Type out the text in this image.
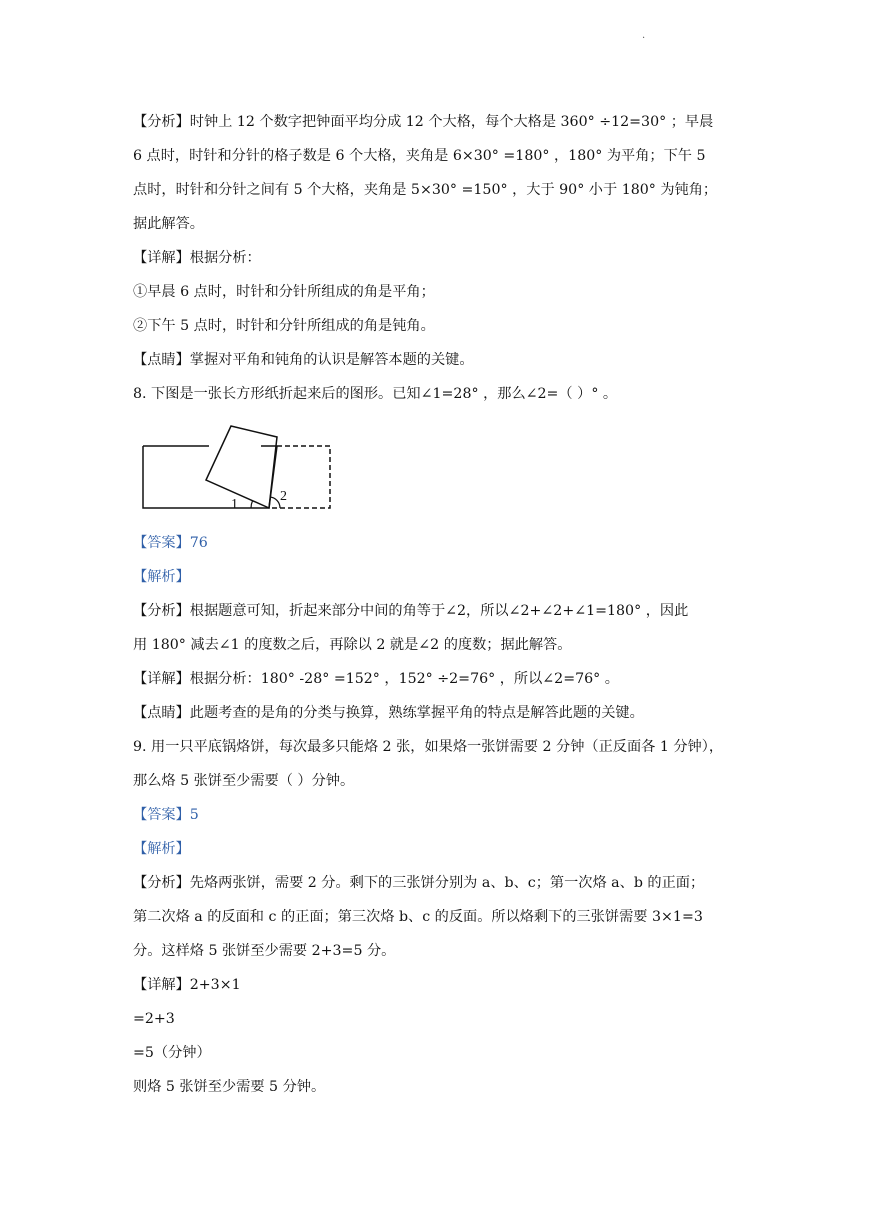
.
【分析】时钟上 12 个数字把钟面平均分成 12 个大格，每个大格是 360° ÷12=30° ；早晨
6 点时，时针和分针的格子数是 6 个大格，夹角是 6×30° =180° ，180° 为平角；下午 5
点时，时针和分针之间有 5 个大格，夹角是 5×30° =150° ，大于 90° 小于 180° 为钝角；
据此解答。
【详解】根据分析：
①早晨 6 点时，时针和分针所组成的角是平角；
②下午 5 点时，时针和分针所组成的角是钝角。
【点睛】掌握对平角和钝角的认识是解答本题的关键。
8. 下图是一张长方形纸折起来后的图形。已知∠1=28° ，那么∠2=（ ）° 。
1
2
【答案】76
【解析】
【分析】根据题意可知，折起来部分中间的角等于∠2，所以∠2+∠2+∠1=180° ，因此
用 180° 减去∠1 的度数之后，再除以 2 就是∠2 的度数；据此解答。
【详解】根据分析：180° -28° =152° ，152° ÷2=76° ，所以∠2=76° 。
【点睛】此题考查的是角的分类与换算，熟练掌握平角的特点是解答此题的关键。
9. 用一只平底锅烙饼，每次最多只能烙 2 张，如果烙一张饼需要 2 分钟（正反面各 1 分钟），
那么烙 5 张饼至少需要（ ）分钟。
【答案】5
【解析】
【分析】先烙两张饼，需要 2 分。剩下的三张饼分别为 a、b、c；第一次烙 a、b 的正面；
第二次烙 a 的反面和 c 的正面；第三次烙 b、c 的反面。所以烙剩下的三张饼需要 3×1=3
分。这样烙 5 张饼至少需要 2+3=5 分。
【详解】2+3×1
=2+3
=5（分钟）
则烙 5 张饼至少需要 5 分钟。
